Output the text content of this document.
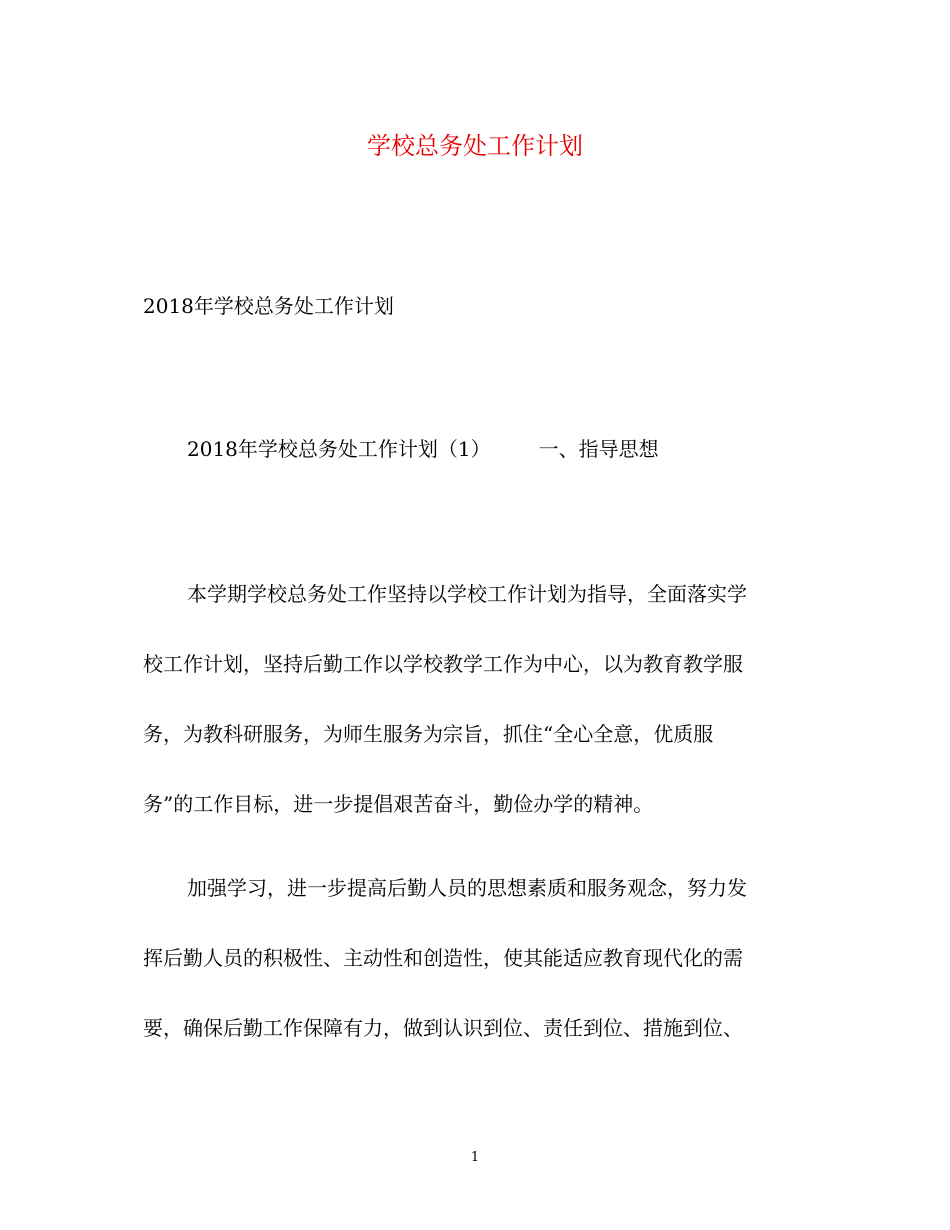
学校总务处工作计划
2018年学校总务处工作计划
2018年学校总务处工作计划（1） 一、指导思想
本学期学校总务处工作坚持以学校工作计划为指导，全面落实学
校工作计划，坚持后勤工作以学校教学工作为中心，以为教育教学服
务，为教科研服务，为师生服务为宗旨，抓住“全心全意，优质服
务”的工作目标，进一步提倡艰苦奋斗，勤俭办学的精神。
加强学习，进一步提高后勤人员的思想素质和服务观念，努力发
挥后勤人员的积极性、主动性和创造性，使其能适应教育现代化的需
要，确保后勤工作保障有力，做到认识到位、责任到位、措施到位、
1
